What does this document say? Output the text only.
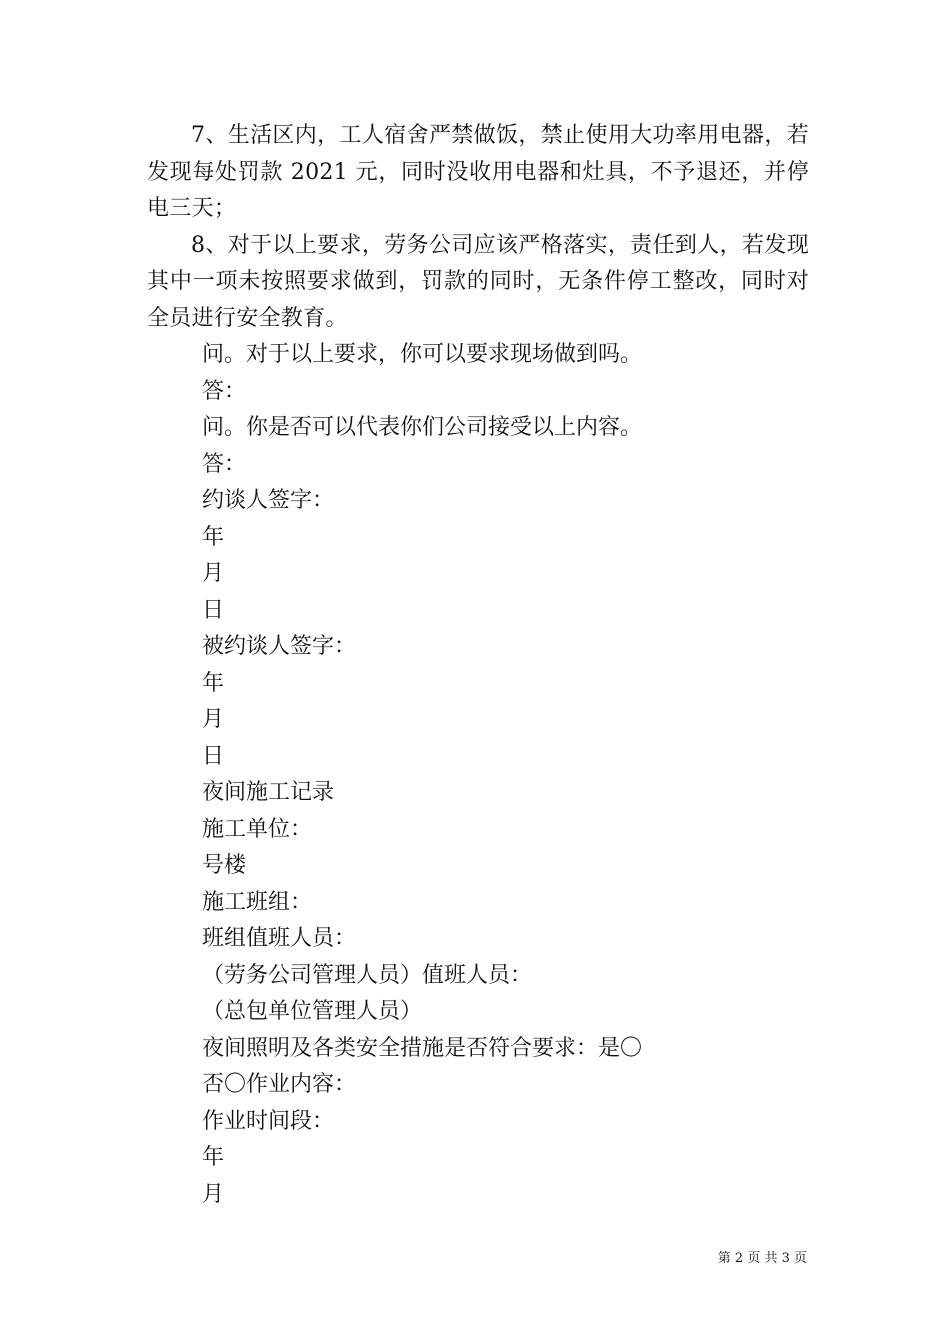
7、生活区内，工人宿舍严禁做饭，禁止使用大功率用电器，若发现每处罚款 2021 元，同时没收用电器和灶具，不予退还，并停电三天；

8、对于以上要求，劳务公司应该严格落实，责任到人，若发现其中一项未按照要求做到，罚款的同时，无条件停工整改，同时对全员进行安全教育。

问。对于以上要求，你可以要求现场做到吗。

答：

问。你是否可以代表你们公司接受以上内容。

答：

约谈人签字：

年

月

日

被约谈人签字：

年

月

日

夜间施工记录

施工单位：

号楼

施工班组：

班组值班人员：

（劳务公司管理人员）值班人员：

（总包单位管理人员）

夜间照明及各类安全措施是否符合要求：是〇

否〇作业内容：

作业时间段：

年

月

第 2 页 共 3 页
